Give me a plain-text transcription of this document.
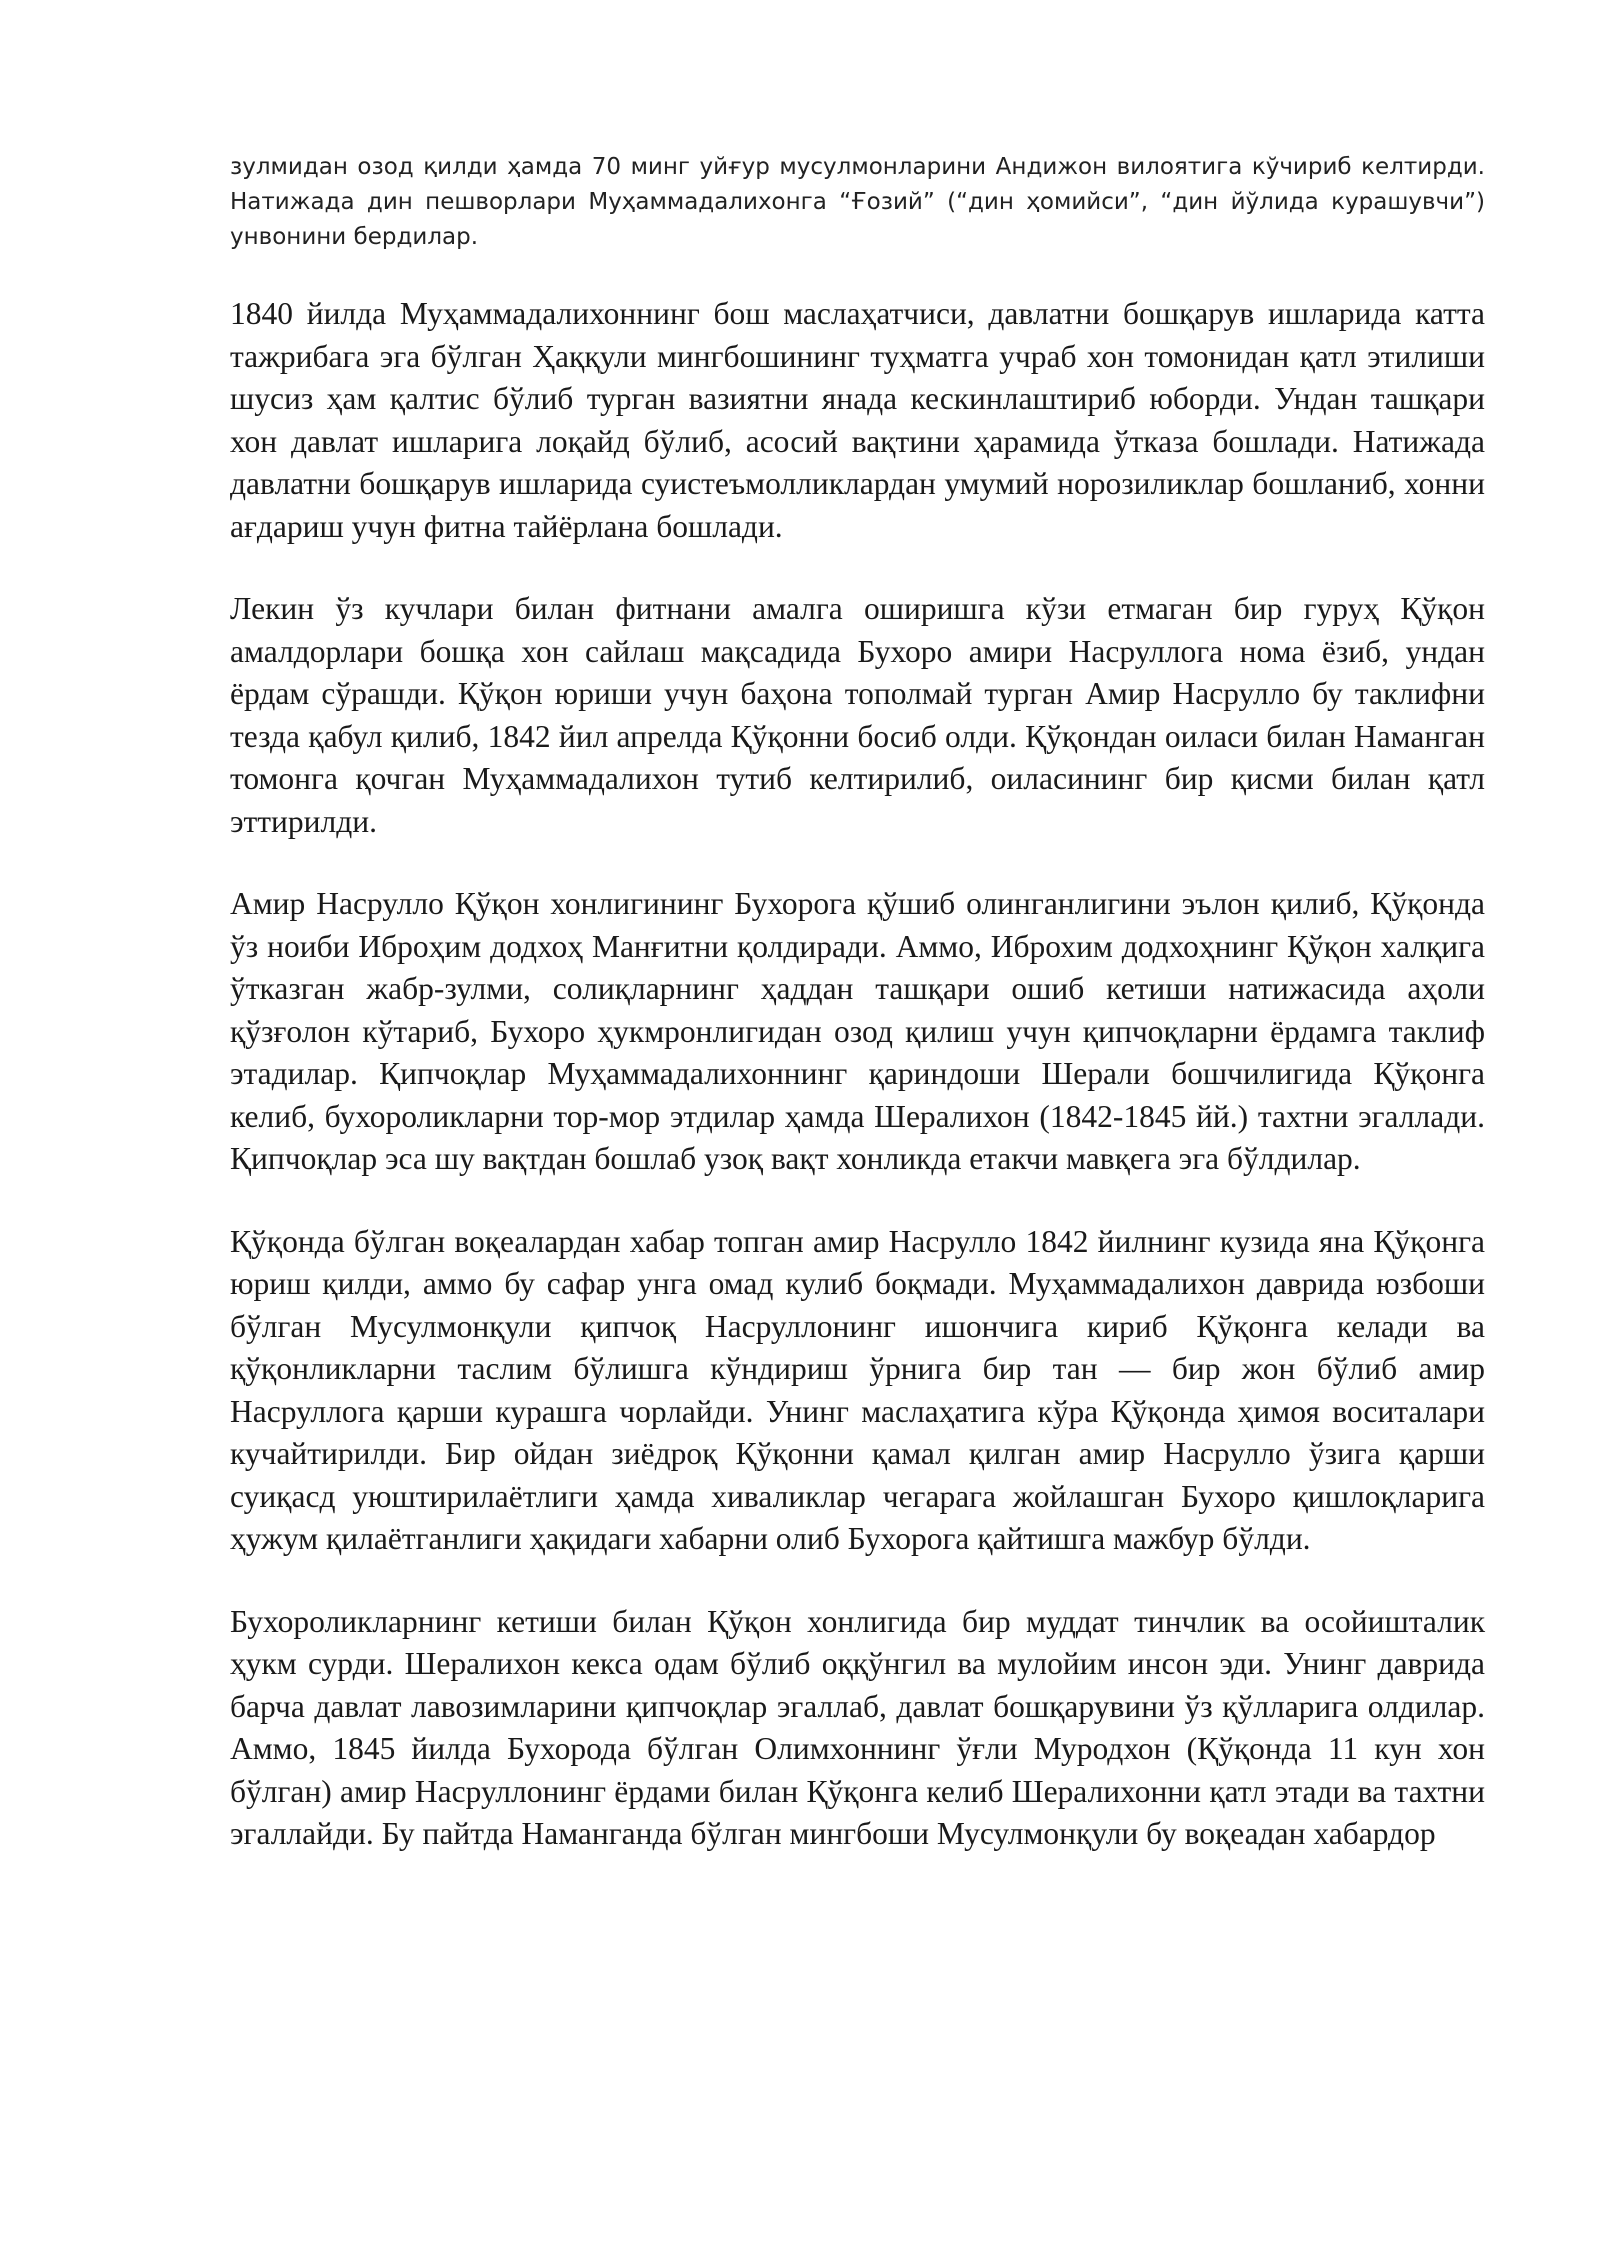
зулмидан озод қилди ҳамда 70 минг уйғур мусулмонларини Андижон вилоятига кўчириб келтирди. Натижада дин пешворлари Муҳаммадалихонга “Ғозий” (“дин ҳомийси”, “дин йўлида курашувчи”) унвонини бердилар.

1840 йилда Муҳаммадалихоннинг бош маслаҳатчиси, давлатни бошқарув ишларида катта тажрибага эга бўлган Ҳаққули мингбошининг туҳматга учраб хон томонидан қатл этилиши шусиз ҳам қалтис бўлиб турган вазиятни янада кескинлаштириб юборди. Ундан ташқари хон давлат ишларига лоқайд бўлиб, асосий вақтини ҳарамида ўтказа бошлади. Натижада давлатни бошқарув ишларида суистеъмолликлардан умумий норозиликлар бошланиб, хонни ағдариш учун фитна тайёрлана бошлади.

Лекин ўз кучлари билан фитнани амалга оширишга кўзи етмаган бир гуруҳ Қўқон амалдорлари бошқа хон сайлаш мақсадида Бухоро амири Насруллога нома ёзиб, ундан ёрдам сўрашди. Қўқон юриши учун баҳона тополмай турган Амир Насрулло бу таклифни тезда қабул қилиб, 1842 йил апрелда Қўқонни босиб олди. Қўқондан оиласи билан Наманган томонга қочган Муҳаммадалихон тутиб келтирилиб, оиласининг бир қисми билан қатл эттирилди.

Амир Насрулло Қўқон хонлигининг Бухорога қўшиб олинганлигини эълон қилиб, Қўқонда ўз ноиби Иброҳим додхоҳ Манғитни қолдиради. Аммо, Иброхим додхоҳнинг Қўқон халқига ўтказган жабр-зулми, солиқларнинг ҳаддан ташқари ошиб кетиши натижасида аҳоли қўзғолон кўтариб, Бухоро ҳукмронлигидан озод қилиш учун қипчоқларни ёрдамга таклиф этадилар. Қипчоқлар Муҳаммадалихоннинг қариндоши Шерали бошчилигида Қўқонга келиб, бухороликларни тор-мор этдилар ҳамда Шералихон (1842-1845 йй.) тахтни эгаллади. Қипчоқлар эса шу вақтдан бошлаб узоқ вақт хонликда етакчи мавқега эга бўлдилар.

Қўқонда бўлган воқеалардан хабар топган амир Насрулло 1842 йилнинг кузида яна Қўқонга юриш қилди, аммо бу сафар унга омад кулиб боқмади. Муҳаммадалихон даврида юзбоши бўлган Мусулмонқули қипчоқ Насруллонинг ишончига кириб Қўқонга келади ва қўқонликларни таслим бўлишга кўндириш ўрнига бир тан — бир жон бўлиб амир Насруллога қарши курашга чорлайди. Унинг маслаҳатига кўра Қўқонда ҳимоя воситалари кучайтирилди. Бир ойдан зиёдроқ Қўқонни қамал қилган амир Насрулло ўзига қарши суиқасд уюштирилаётлиги ҳамда хиваликлар чегарага жойлашган Бухоро қишлоқларига ҳужум қилаётганлиги ҳақидаги хабарни олиб Бухорога қайтишга мажбур бўлди.

Бухороликларнинг кетиши билан Қўқон хонлигида бир муддат тинчлик ва осойишталик ҳукм сурди. Шералихон кекса одам бўлиб оққўнгил ва мулойим инсон эди. Унинг даврида барча давлат лавозимларини қипчоқлар эгаллаб, давлат бошқарувини ўз қўлларига олдилар. Аммо, 1845 йилда Бухорода бўлган Олимхоннинг ўғли Муродхон (Қўқонда 11 кун хон бўлган) амир Насруллонинг ёрдами билан Қўқонга келиб Шералихонни қатл этади ва тахтни эгаллайди. Бу пайтда Наманганда бўлган мингбоши Мусулмонқули бу воқеадан хабардор
